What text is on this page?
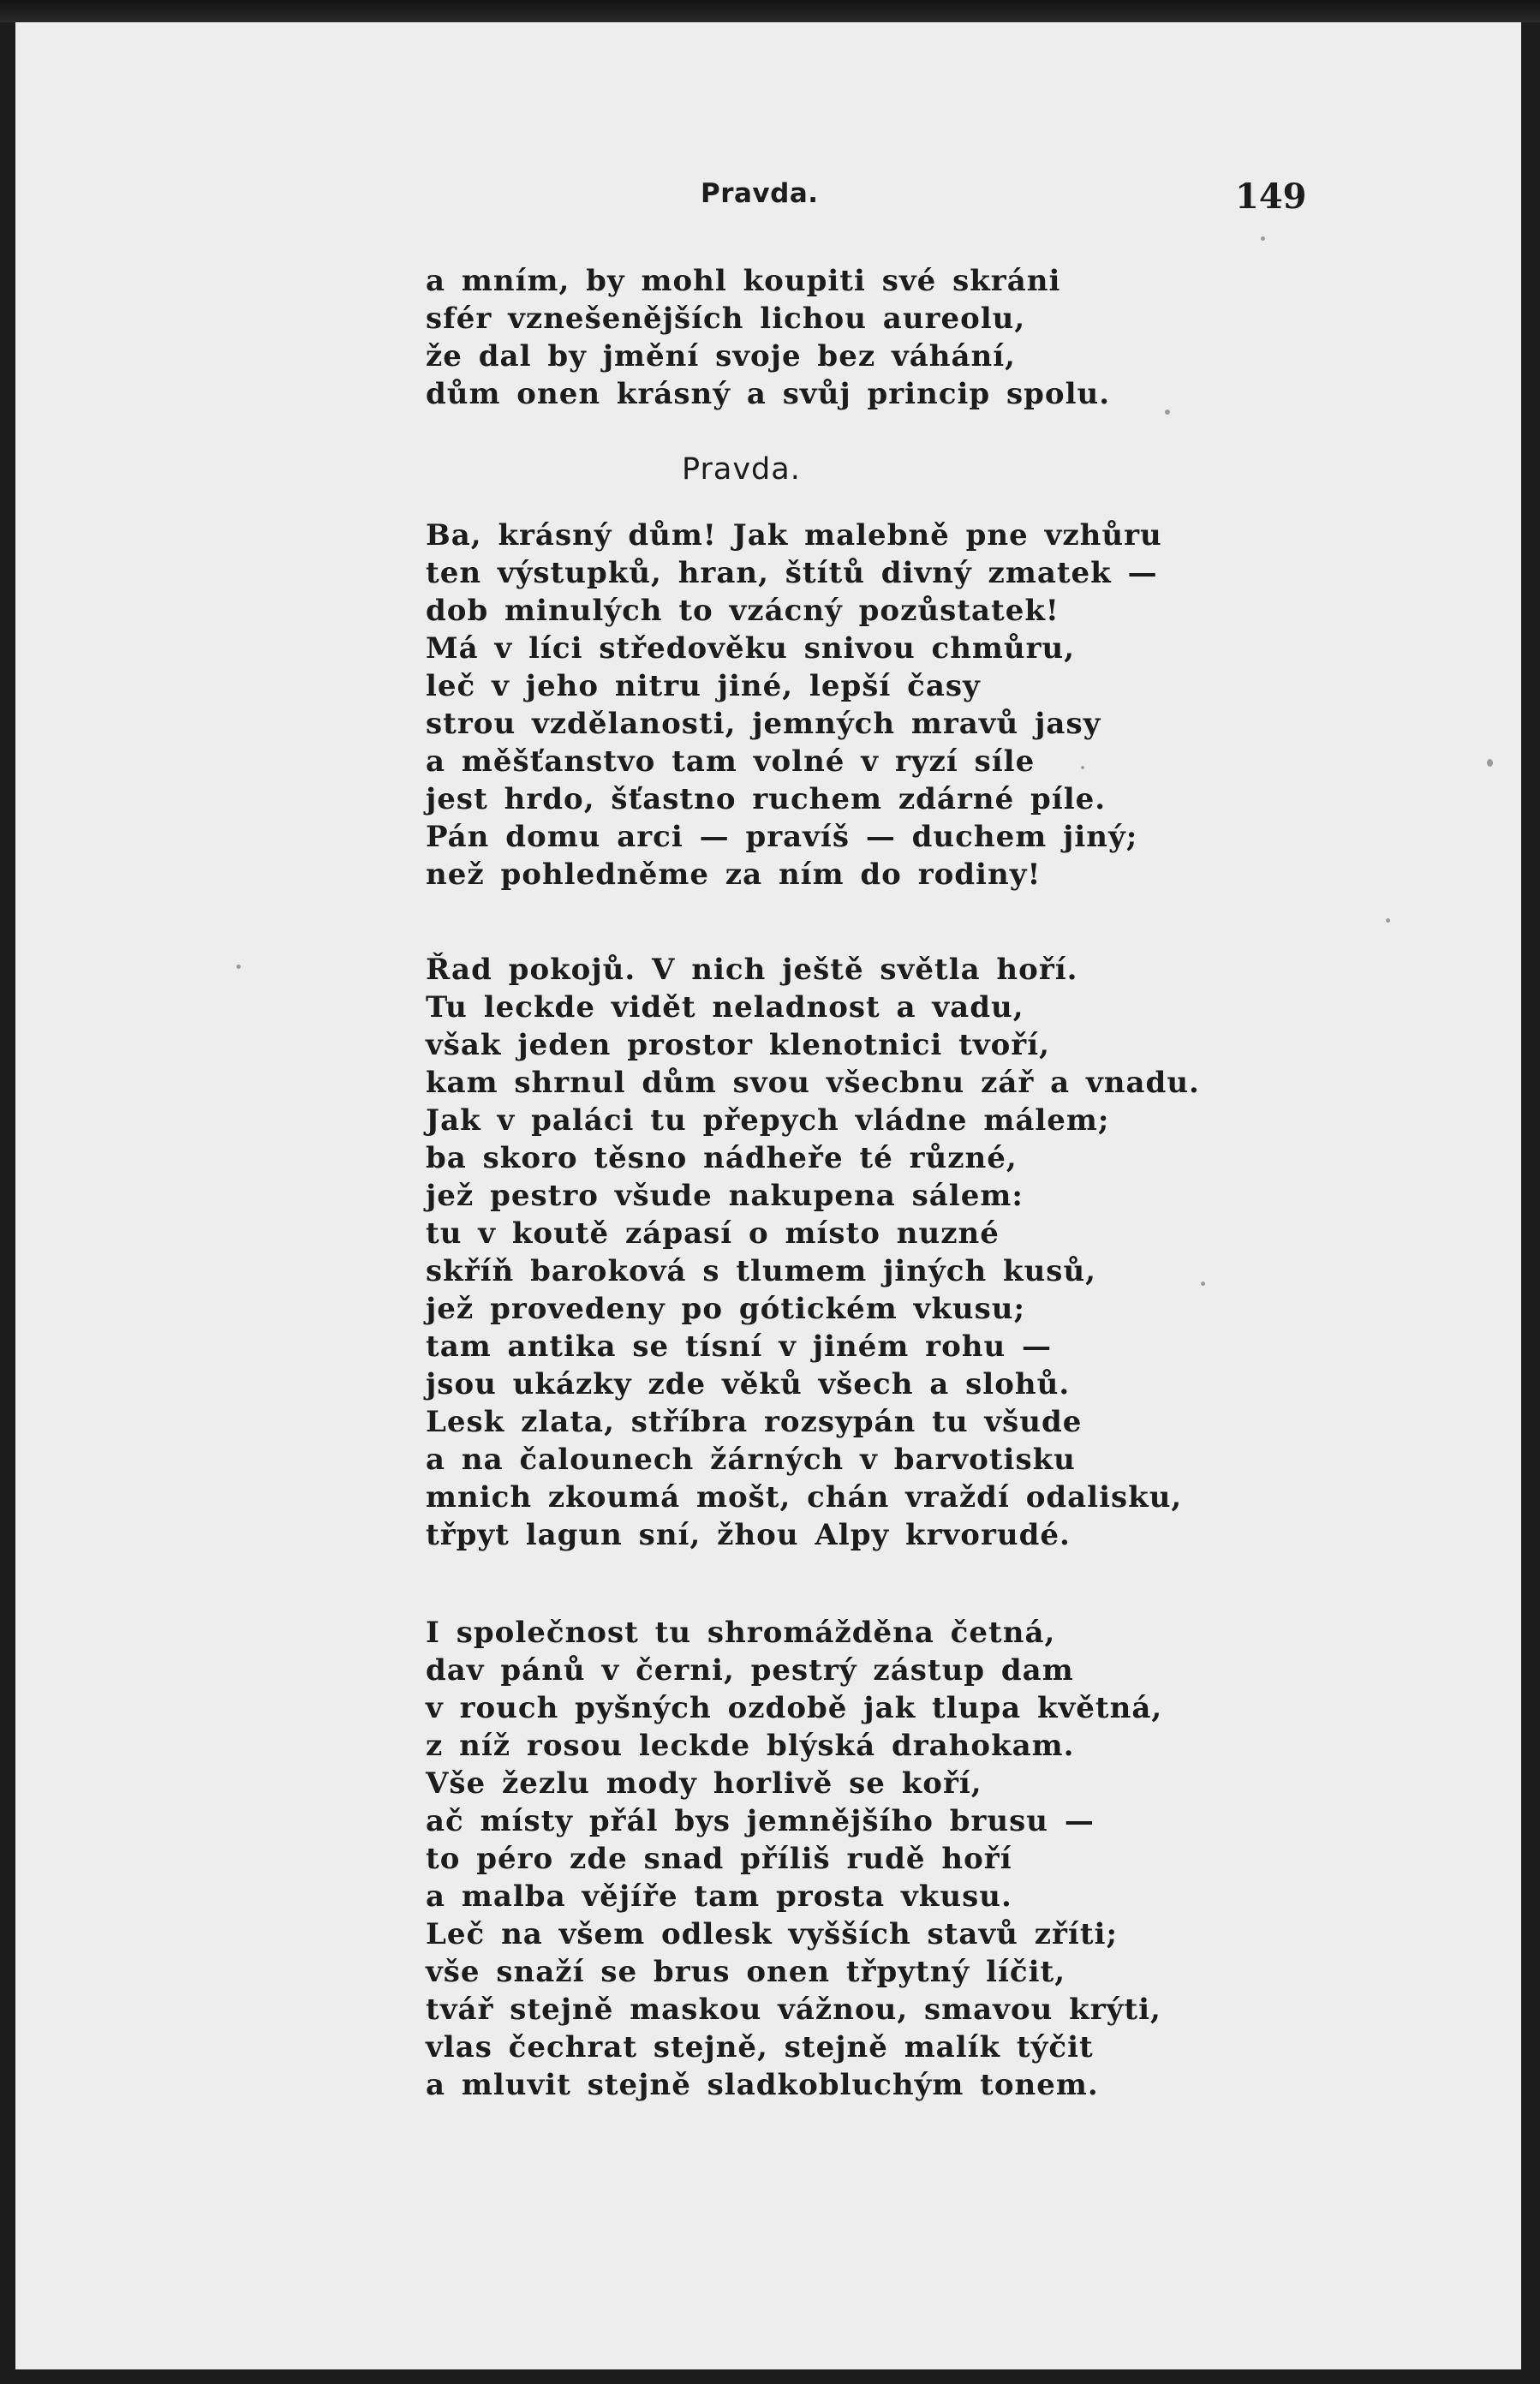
Pravda.	149
a mním, by mohl koupiti své skráni
sfér vznešenějších lichou aureolu,
že dal by jmění svoje bez váhání,
dům onen krásný a svůj princip spolu.
Pravda.
Ba, krásný dům! Jak malebně pne vzhůru
ten výstupků, hran, štítů divný zmatek —
dob minulých to vzácný pozůstatek!
Má v líci středověku snivou chmůru,
leč v jeho nitru jiné, lepší časy
strou vzdělanosti, jemných mravů jasy
a měšťanstvo tam volné v ryzí síle
jest hrdo, šťastno ruchem zdárné píle.
Pán domu arci — pravíš — duchem jiný;
než pohledněme za ním do rodiny!
Řad pokojů. V nich ještě světla hoří.
Tu leckde vidět neladnost a vadu,
však jeden prostor klenotnici tvoří,
kam shrnul dům svou všecbnu zář a vnadu.
Jak v paláci tu přepych vládne málem;
ba skoro těsno nádheře té různé,
jež pestro všude nakupena sálem:
tu v koutě zápasí o místo nuzné
skříň baroková s tlumem jiných kusů,
jež provedeny po gótickém vkusu;
tam antika se tísní v jiném rohu —
jsou ukázky zde věků všech a slohů.
Lesk zlata, stříbra rozsypán tu všude
a na čalounech žárných v barvotisku
mnich zkoumá mošt, chán vraždí odalisku,
třpyt lagun sní, žhou Alpy krvorudé.
I společnost tu shromážděna četná,
dav pánů v černi, pestrý zástup dam
v rouch pyšných ozdobě jak tlupa květná,
z níž rosou leckde blýská drahokam.
Vše žezlu mody horlivě se koří,
ač místy přál bys jemnějšího brusu —
to péro zde snad příliš rudě hoří
a malba vějíře tam prosta vkusu.
Leč na všem odlesk vyšších stavů zříti;
vše snaží se brus onen třpytný líčit,
tvář stejně maskou vážnou, smavou krýti,
vlas čechrat stejně, stejně malík týčit
a mluvit stejně sladkobluchým tonem.
